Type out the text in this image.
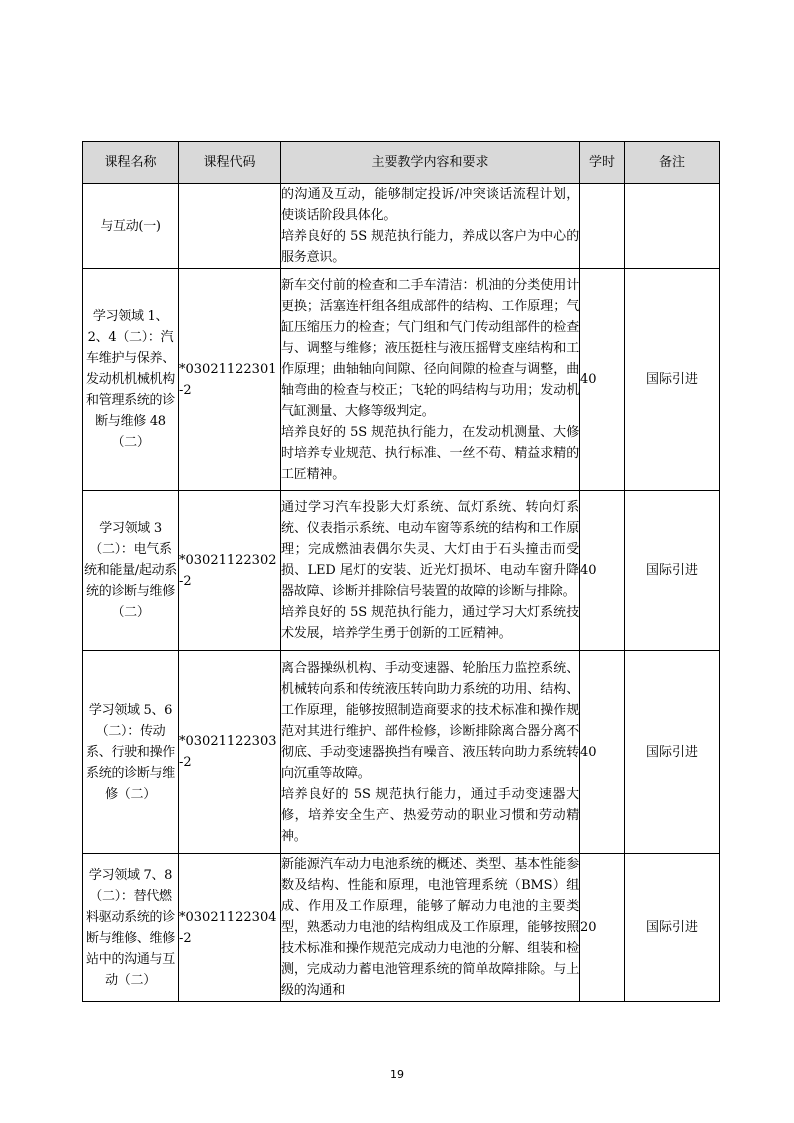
课程名称	课程代码	主要教学内容和要求	学时	备注
与互动(一)		的沟通及互动，能够制定投诉/冲突谈话流程计划，使谈话阶段具体化。
培养良好的 5S 规范执行能力，养成以客户为中心的服务意识。		

学习领域 1、2、4（二）：汽车维护与保养、发动机机械机构和管理系统的诊断与维修 48（二）	*03021122301-2	新车交付前的检查和二手车清洁：机油的分类使用计更换；活塞连杆组各组成部件的结构、工作原理；气缸压缩压力的检查；气门组和气门传动组部件的检查与、调整与维修；液压挺柱与液压摇臂支座结构和工作原理；曲轴轴向间隙、径向间隙的检查与调整，曲轴弯曲的检查与校正；飞轮的吗结构与功用；发动机气缸测量、大修等级判定。
培养良好的 5S 规范执行能力，在发动机测量、大修时培养专业规范、执行标准、一丝不苟、精益求精的工匠精神。	40	国际引进
学习领域 3（二）：电气系统和能量/起动系统的诊断与维修（二）	*03021122302-2	通过学习汽车投影大灯系统、氙灯系统、转向灯系统、仪表指示系统、电动车窗等系统的结构和工作原理；完成燃油表偶尔失灵、大灯由于石头撞击而受损、LED 尾灯的安装、近光灯损坏、电动车窗升降器故障、诊断并排除信号装置的故障的诊断与排除。
培养良好的 5S 规范执行能力，通过学习大灯系统技术发展，培养学生勇于创新的工匠精神。	40	国际引进
学习领域 5、6（二）：传动系、行驶和操作系统的诊断与维修（二）	*03021122303-2	离合器操纵机构、手动变速器、轮胎压力监控系统、机械转向系和传统液压转向助力系统的功用、结构、工作原理，能够按照制造商要求的技术标准和操作规范对其进行维护、部件检修，诊断排除离合器分离不彻底、手动变速器换挡有噪音、液压转向助力系统转向沉重等故障。
培养良好的 5S 规范执行能力，通过手动变速器大修，培养安全生产、热爱劳动的职业习惯和劳动精神。	40	国际引进
学习领域 7、8（二）：替代燃料驱动系统的诊断与维修、维修站中的沟通与互动（二）	*03021122304-2	新能源汽车动力电池系统的概述、类型、基本性能参数及结构、性能和原理，电池管理系统（BMS）组成、作用及工作原理，能够了解动力电池的主要类型，熟悉动力电池的结构组成及工作原理，能够按照技术标准和操作规范完成动力电池的分解、组装和检测，完成动力蓄电池管理系统的简单故障排除。与上级的沟通和	20	国际引进
19
